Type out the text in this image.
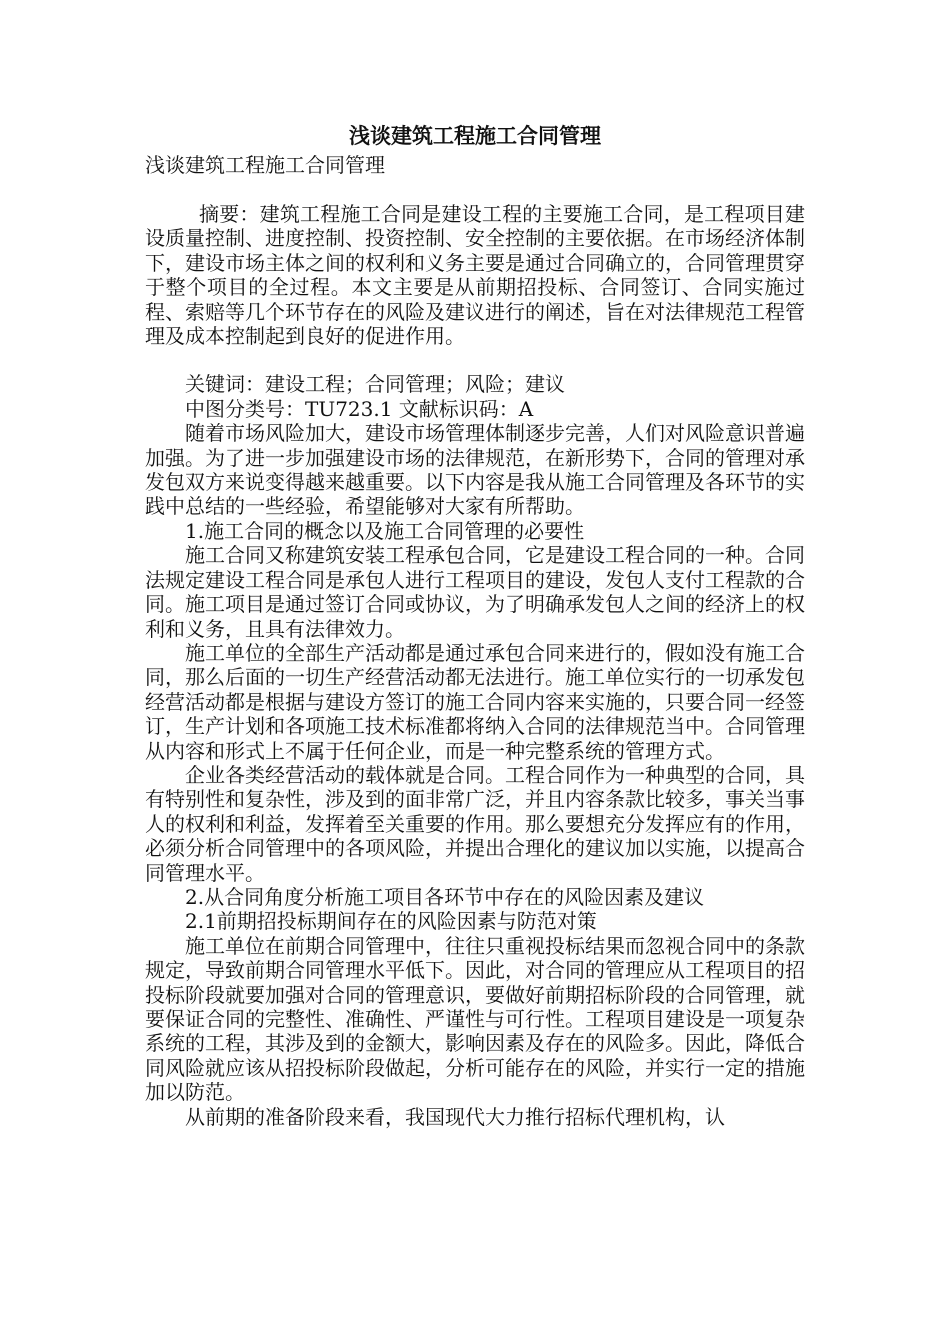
浅谈建筑工程施工合同管理

浅谈建筑工程施工合同管理

摘要：建筑工程施工合同是建设工程的主要施工合同，是工程项目建设质量控制、进度控制、投资控制、安全控制的主要依据。在市场经济体制下，建设市场主体之间的权利和义务主要是通过合同确立的，合同管理贯穿于整个项目的全过程。本文主要是从前期招投标、合同签订、合同实施过程、索赔等几个环节存在的风险及建议进行的阐述，旨在对法律规范工程管理及成本控制起到良好的促进作用。

关键词：建设工程；合同管理；风险；建议

中图分类号：TU723.1 文献标识码：A

随着市场风险加大，建设市场管理体制逐步完善，人们对风险意识普遍加强。为了进一步加强建设市场的法律规范，在新形势下，合同的管理对承发包双方来说变得越来越重要。以下内容是我从施工合同管理及各环节的实践中总结的一些经验，希望能够对大家有所帮助。

1.施工合同的概念以及施工合同管理的必要性

施工合同又称建筑安装工程承包合同，它是建设工程合同的一种。合同法规定建设工程合同是承包人进行工程项目的建设，发包人支付工程款的合同。施工项目是通过签订合同或协议，为了明确承发包人之间的经济上的权利和义务，且具有法律效力。

施工单位的全部生产活动都是通过承包合同来进行的，假如没有施工合同，那么后面的一切生产经营活动都无法进行。施工单位实行的一切承发包经营活动都是根据与建设方签订的施工合同内容来实施的，只要合同一经签订，生产计划和各项施工技术标准都将纳入合同的法律规范当中。合同管理从内容和形式上不属于任何企业，而是一种完整系统的管理方式。

企业各类经营活动的载体就是合同。工程合同作为一种典型的合同，具有特别性和复杂性，涉及到的面非常广泛，并且内容条款比较多，事关当事人的权利和利益，发挥着至关重要的作用。那么要想充分发挥应有的作用，必须分析合同管理中的各项风险，并提出合理化的建议加以实施，以提高合同管理水平。

2.从合同角度分析施工项目各环节中存在的风险因素及建议

2.1前期招投标期间存在的风险因素与防范对策

施工单位在前期合同管理中，往往只重视投标结果而忽视合同中的条款规定，导致前期合同管理水平低下。因此，对合同的管理应从工程项目的招投标阶段就要加强对合同的管理意识，要做好前期招标阶段的合同管理，就要保证合同的完整性、准确性、严谨性与可行性。工程项目建设是一项复杂系统的工程，其涉及到的金额大，影响因素及存在的风险多。因此，降低合同风险就应该从招投标阶段做起，分析可能存在的风险，并实行一定的措施加以防范。

从前期的准备阶段来看，我国现代大力推行招标代理机构，认
